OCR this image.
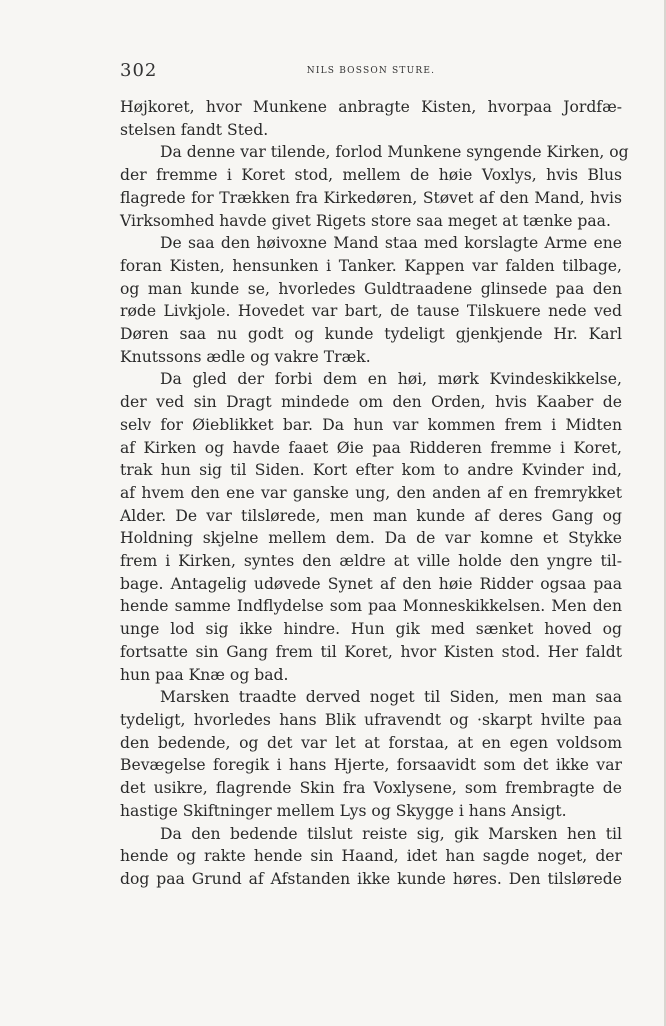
302	NILS BOSSON STURE.

Højkoret, hvor Munkene anbragte Kisten, hvorpaa Jordfæ-
stelsen fandt Sted.

Da denne var tilende, forlod Munkene syngende Kirken, og
der fremme i Koret stod, mellem de høie Voxlys, hvis Blus
flagrede for Trækken fra Kirkedøren, Støvet af den Mand, hvis
Virksomhed havde givet Rigets store saa meget at tænke paa.

De saa den høivoxne Mand staa med korslagte Arme ene
foran Kisten, hensunken i Tanker. Kappen var falden tilbage,
og man kunde se, hvorledes Guldtraadene glinsede paa den
røde Livkjole. Hovedet var bart, de tause Tilskuere nede ved
Døren saa nu godt og kunde tydeligt gjenkjende Hr. Karl
Knutssons ædle og vakre Træk.

Da gled der forbi dem en høi, mørk Kvindeskikkelse,
der ved sin Dragt mindede om den Orden, hvis Kaaber de
selv for Øieblikket bar. Da hun var kommen frem i Midten
af Kirken og havde faaet Øie paa Ridderen fremme i Koret,
trak hun sig til Siden. Kort efter kom to andre Kvinder ind,
af hvem den ene var ganske ung, den anden af en fremrykket
Alder. De var tilslørede, men man kunde af deres Gang og
Holdning skjelne mellem dem. Da de var komne et Stykke
frem i Kirken, syntes den ældre at ville holde den yngre til-
bage. Antagelig udøvede Synet af den høie Ridder ogsaa paa
hende samme Indflydelse som paa Monneskikkelsen. Men den
unge lod sig ikke hindre. Hun gik med sænket hoved og
fortsatte sin Gang frem til Koret, hvor Kisten stod. Her faldt
hun paa Knæ og bad.

Marsken traadte derved noget til Siden, men man saa
tydeligt, hvorledes hans Blik ufravendt og ·skarpt hvilte paa
den bedende, og det var let at forstaa, at en egen voldsom
Bevægelse foregik i hans Hjerte, forsaavidt som det ikke var
det usikre, flagrende Skin fra Voxlysene, som frembragte de
hastige Skiftninger mellem Lys og Skygge i hans Ansigt.

Da den bedende tilslut reiste sig, gik Marsken hen til
hende og rakte hende sin Haand, idet han sagde noget, der
dog paa Grund af Afstanden ikke kunde høres. Den tilslørede
